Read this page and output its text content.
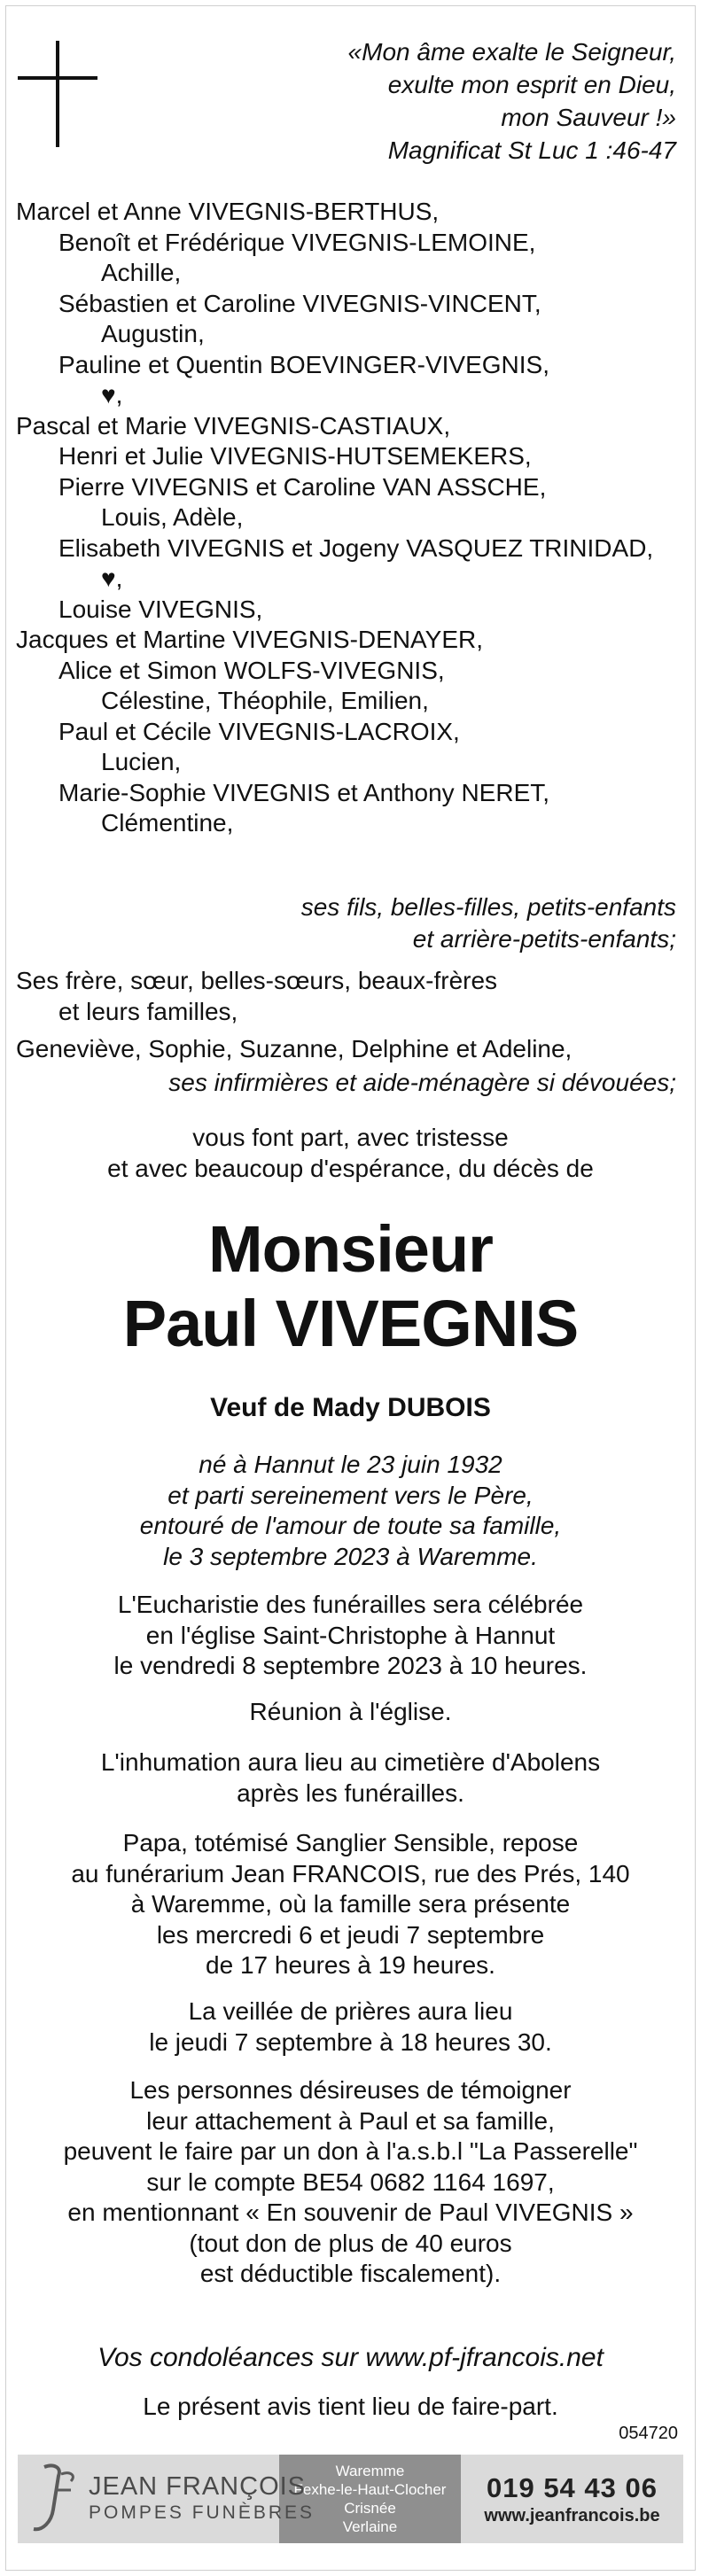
«Mon âme exalte le Seigneur,
exulte mon esprit en Dieu,
mon Sauveur !»
Magnificat St Luc 1 :46-47
Marcel et Anne VIVEGNIS-BERTHUS,
Benoît et Frédérique VIVEGNIS-LEMOINE,
Achille,
Sébastien et Caroline VIVEGNIS-VINCENT,
Augustin,
Pauline et Quentin BOEVINGER-VIVEGNIS,
♥,
Pascal et Marie VIVEGNIS-CASTIAUX,
Henri et Julie VIVEGNIS-HUTSEMEKERS,
Pierre VIVEGNIS et Caroline VAN ASSCHE,
Louis, Adèle,
Elisabeth VIVEGNIS et Jogeny VASQUEZ TRINIDAD,
♥,
Louise VIVEGNIS,
Jacques et Martine VIVEGNIS-DENAYER,
Alice et Simon WOLFS-VIVEGNIS,
Célestine, Théophile, Emilien,
Paul et Cécile VIVEGNIS-LACROIX,
Lucien,
Marie-Sophie VIVEGNIS et Anthony NERET,
Clémentine,
ses fils, belles-filles, petits-enfants
et arrière-petits-enfants;
Ses frère, sœur, belles-sœurs, beaux-frères
et leurs familles,
Geneviève, Sophie, Suzanne, Delphine et Adeline,
ses infirmières et aide-ménagère si dévouées;
vous font part, avec tristesse
et avec beaucoup d'espérance, du décès de
Monsieur
Paul VIVEGNIS
Veuf de Mady DUBOIS
né à Hannut le 23 juin 1932
et parti sereinement vers le Père,
entouré de l'amour de toute sa famille,
le 3 septembre 2023 à Waremme.
L'Eucharistie des funérailles sera célébrée
en l'église Saint-Christophe à Hannut
le vendredi 8 septembre 2023 à 10 heures.
Réunion à l'église.
L'inhumation aura lieu au cimetière d'Abolens
après les funérailles.
Papa, totémisé Sanglier Sensible, repose
au funérarium Jean FRANCOIS, rue des Prés, 140
à Waremme, où la famille sera présente
les mercredi 6 et jeudi 7 septembre
de 17 heures à 19 heures.
La veillée de prières aura lieu
le jeudi 7 septembre à 18 heures 30.
Les personnes désireuses de témoigner
leur attachement à Paul et sa famille,
peuvent le faire par un don à l'a.s.b.l "La Passerelle"
sur le compte BE54 0682 1164 1697,
en mentionnant « En souvenir de Paul VIVEGNIS »
(tout don de plus de 40 euros
est déductible fiscalement).
Vos condoléances sur www.pf-jfrancois.net
Le présent avis tient lieu de faire-part.
054720
JEAN FRANÇOIS
POMPES FUNÈBRES
Waremme
Fexhe-le-Haut-Clocher
Crisnée
Verlaine
019 54 43 06
www.jeanfrancois.be
